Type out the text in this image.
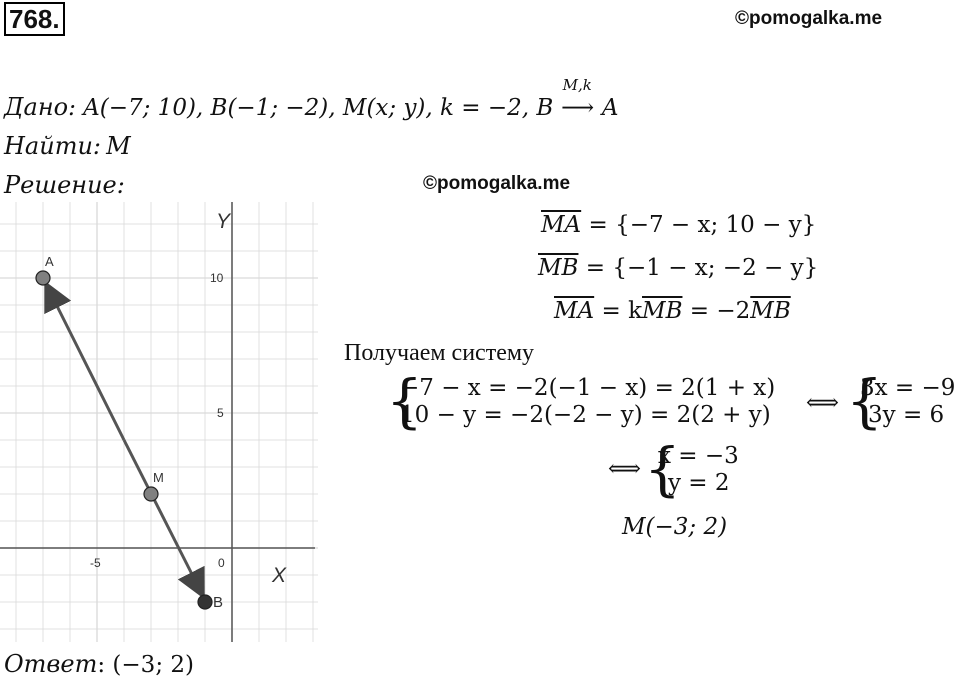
768.	©pomogalka.me
Дано: A(−7; 10), B(−1; −2), M(x; y), k = −2, B
M,k
⟶ A
Найти: M
Решение:	©pomogalka.me
$\overline{MA} = \{-7 - x$; 10 − y}
$\overline{MB} = \{-1 - x$; −2 − y}
$\overline{MA} = k\overline{MB} = -2\overline{MB}$
Получаем систему
{
−7 − x = −2(−1 − x) = 2(1 + x)
10 − y = −2(−2 − y) = 2(2 + y) ⟺ {
3x = −9
3y = 6
⟺ {
x = −3
y = 2
M(−3; 2)
X
Y
-5	0
5
10
A
M
B
Ответ: (−3; 2)
